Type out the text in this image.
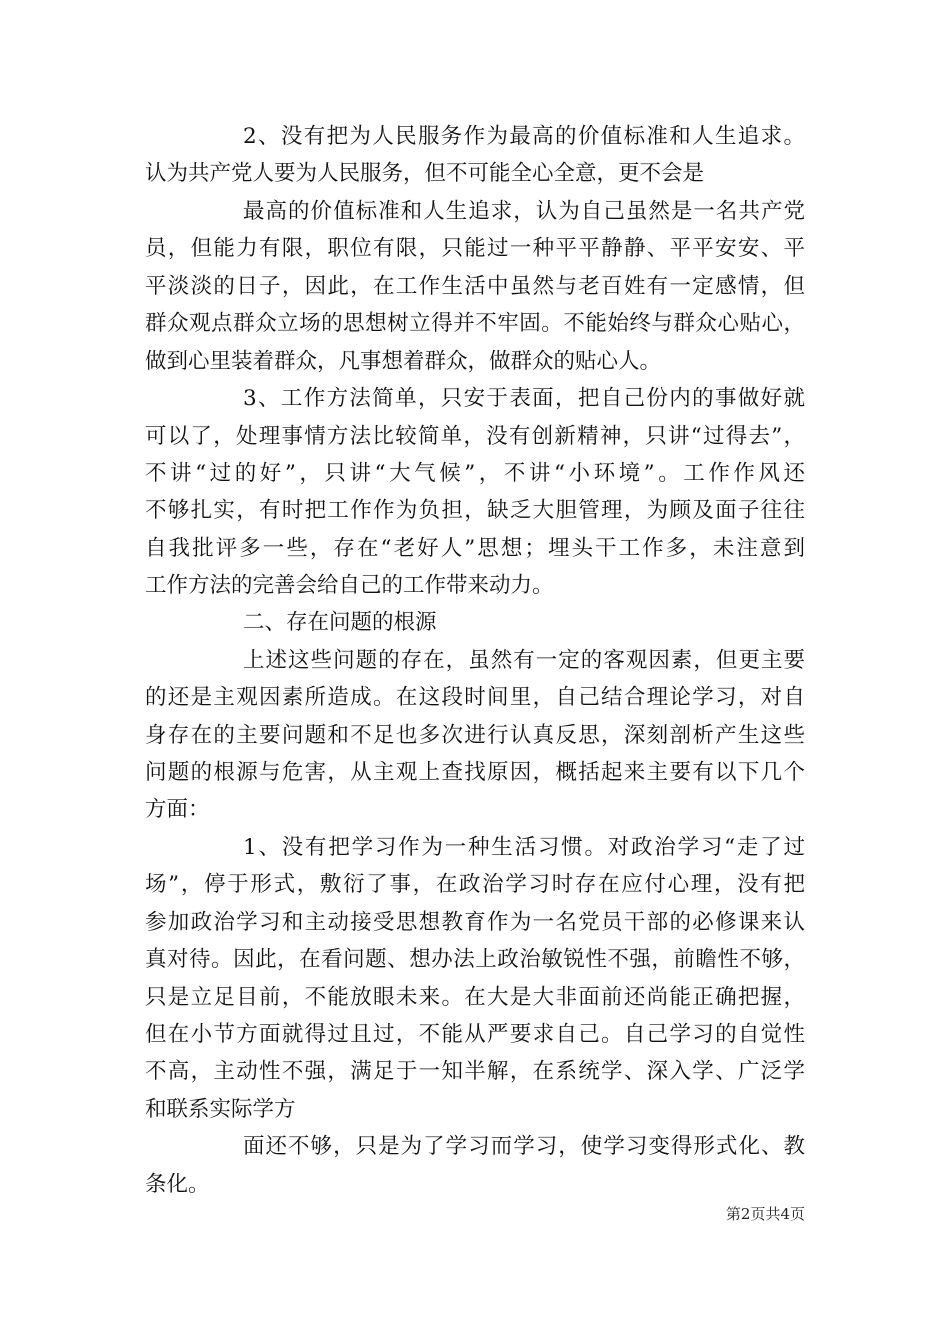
2、没有把为人民服务作为最高的价值标准和人生追求。
认为共产党人要为人民服务，但不可能全心全意，更不会是
最高的价值标准和人生追求，认为自己虽然是一名共产党
员，但能力有限，职位有限，只能过一种平平静静、平平安安、平
平淡淡的日子，因此，在工作生活中虽然与老百姓有一定感情，但
群众观点群众立场的思想树立得并不牢固。不能始终与群众心贴心，
做到心里装着群众，凡事想着群众，做群众的贴心人。
3、工作方法简单，只安于表面，把自己份内的事做好就
可以了，处理事情方法比较简单，没有创新精神，只讲“过得去”，
不讲“过的好”，只讲“大气候”，不讲“小环境”。工作作风还
不够扎实，有时把工作作为负担，缺乏大胆管理，为顾及面子往往
自我批评多一些，存在“老好人”思想；埋头干工作多，未注意到
工作方法的完善会给自己的工作带来动力。
二、存在问题的根源
上述这些问题的存在，虽然有一定的客观因素，但更主要
的还是主观因素所造成。在这段时间里，自己结合理论学习，对自
身存在的主要问题和不足也多次进行认真反思，深刻剖析产生这些
问题的根源与危害，从主观上查找原因，概括起来主要有以下几个
方面：
1、没有把学习作为一种生活习惯。对政治学习“走了过
场”，停于形式，敷衍了事，在政治学习时存在应付心理，没有把
参加政治学习和主动接受思想教育作为一名党员干部的必修课来认
真对待。因此，在看问题、想办法上政治敏锐性不强，前瞻性不够，
只是立足目前，不能放眼未来。在大是大非面前还尚能正确把握，
但在小节方面就得过且过，不能从严要求自己。自己学习的自觉性
不高，主动性不强，满足于一知半解，在系统学、深入学、广泛学
和联系实际学方
面还不够，只是为了学习而学习，使学习变得形式化、教
条化。
第2页共4页
